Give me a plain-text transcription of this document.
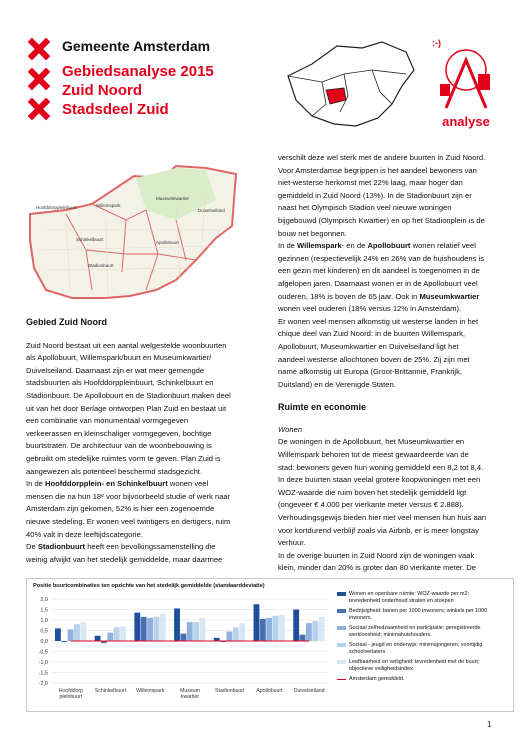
Gemeente Amsterdam
Gebiedsanalyse 2015
Zuid Noord
Stadsdeel Zuid
:-)
analyse
Hoofddorppleinbuurt	Willemspark
Museumkwartier
Duivelseiland
Schinkelbuurt
Apollobuurt
Stadionbuurt
Gebied Zuid Noord

Zuid Noord bestaat uit een aantal welgestelde woonbuurten

als Apollobuurt, Willemspark/buurt en Museumkwartier/

Duivelseiland. Daarnaast zijn er wat meer gemengde

stadsbuurten als Hoofddorppleinbuurt, Schinkelbuurt en

Stadionbuurt. De Apollobuurt en de Stadionbuurt maken deel

uit van het door Berlage ontworpen Plan Zuid en bestaat uit

een combinatie van monumentaal vormgegeven

verkeerassen en kleinschaliger vormgegeven, bochtige

buurtstraten. De architectuur van de woonbebouwing is

gebruikt om stedelijke ruimtes vorm te geven. Plan Zuid is

aangewezen als potentieel beschermd stadsgezicht.

In de Hoofddorpplein- en Schinkelbuurt wonen veel

mensen die na hun 18ᵉ voor bijvoorbeeld studie of werk naar

Amsterdam zijn gekomen, 52% is hier een zogenoemde

nieuwe stedeling. Er wonen veel twintigers en dertigers, ruim

40% valt in deze leeftijdscategorie.

De Stadionbuurt heeft een bevolkingssamenstelling die

weinig afwijkt van het stedelijk gemiddelde, maar daarmee

verschilt deze wel sterk met de andere buurten in Zuid Noord.

Voor Amsterdamse begrippen is het aandeel bewoners van

niet-westerse herkomst met 22% laag, maar hoger dan

gemiddeld in Zuid Noord (13%). In de Stadionbuurt zijn er

naast het Olympisch Stadion veel nieuwe woningen

bijgebouwd (Olympisch Kwartier) en op het Stadionplein is de

bouw net begonnen.

In de Willemspark- en de Apollobuurt wonen relatief veel

gezinnen (respectievelijk 24% en 26% van de huishoudens is

een gezin met kinderen) en dit aandeel is toegenomen in de

afgelopen jaren. Daarnaast wonen er in de Apollobuurt veel

ouderen, 18% is boven de 65 jaar. Ook in Museumkwartier

wonen veel ouderen (18% versus 12% in Amsterdam).

Er wonen veel mensen afkomstig uit westerse landen in het

chique deel van Zuid Noord: in de buurten Willemspark,

Apollobuurt, Museumkwartier en Duivelseiland ligt het

aandeel westerse allochtonen boven de 25%. Zij zijn met

name afkomstig uit Europa (Groot-Brittannië, Frankrijk,

Duitsland) en de Verenigde Staten.

Ruimte en economie
Wonen

De woningen in de Apollobuurt, het Museumkwartier en

Willemspark behoren tot de meest gewaardeerde van de

stad: bewoners geven hun woning gemiddeld een 8,2 tot 8,4.

In deze buurten staan veelal grotere koopwoningen met een

WOZ-waarde die ruim boven het stedelijk gemiddeld ligt

(ongeveer € 4.000 per vierkante meter versus € 2.888).

Verhoudingsgewijs bieden hier niet veel mensen hun huis aan

voor kortdurend verblijf zoals via Airbnb, er is meer longstay

verhuur.

In de overige buurten in Zuid Noord zijn de woningen vaak

klein, minder dan 20% is groter dan 80 vierkante meter. De

Positie buurtcombinaties ten opzichte van het stedelijk gemiddelde (standaarddeviatie)
2,0
1,5
1,0
0,5
0,0
-0,5
-1,0
-1,5
-2,0
Hoofddorp
pleinbuurt
Schinkelbuurt Willemspark	Museum
kwartier
Stadionbuurt Apollobuurt Duivelseiland
Wonen en openbare ruimte: WOZ-waarde per m2; tevredenheid onderhoud straten en stoepen
Bedrijvigheid: banen per 1000 inwoners; winkels per 1000 inwoners.
Sociaal zelfredzaamheid en participatie: geregistreerde werkloosheid; minimahuishouders.
Sociaal - jeugd en onderwijs: minimajongeren; voortijdig schoolverlaters.
Leefbaarheid en veiligheid: tevredenheid met de buurt; objectieve veiligheidsindex.
Amsterdam gemiddeld.
1
